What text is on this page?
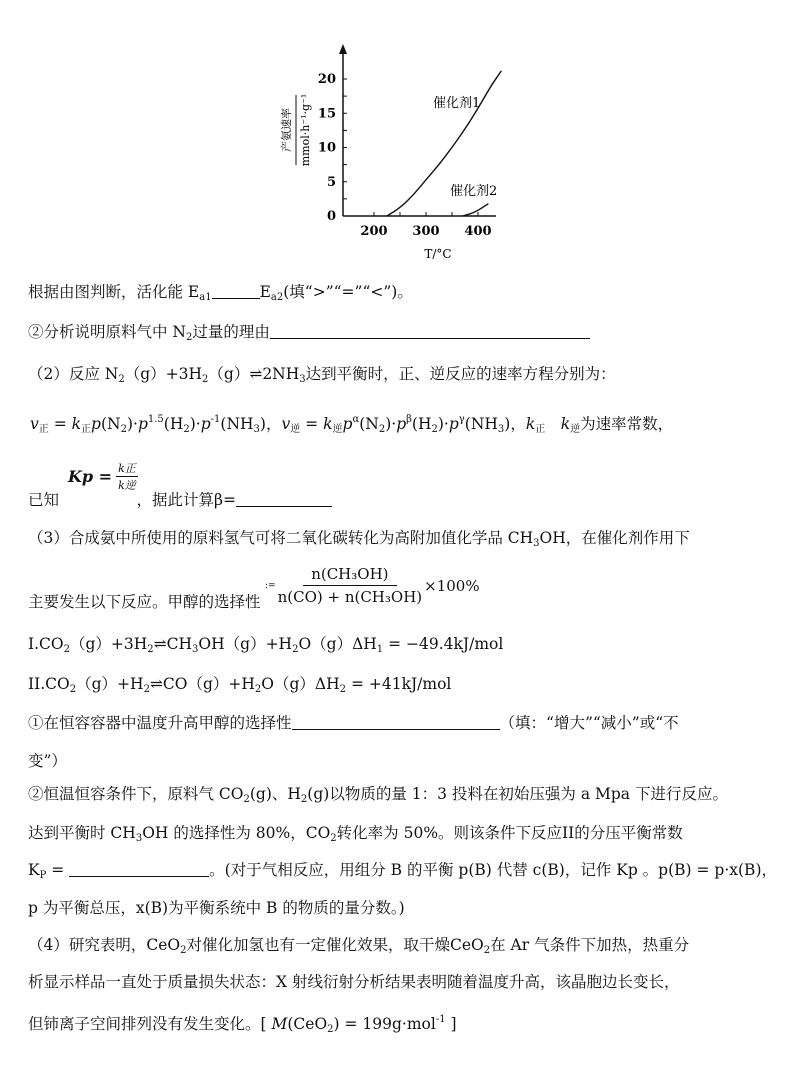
200 300 400
0
5
10
15
20
产氨速率 mmol·h⁻¹·g⁻¹
T/°C
催化剂1
催化剂2
根据由图判断，活化能 $E_{a1}$	$E_{a2}$(填“>”“=”“<”)。
②分析说明原料气中 $N_2$过量的理由
（2）反应 $N_2(g)+3H_2(g)\rightleftharpoons 2NH_3$达到平衡时，正、逆反应的速率方程分别为：
$v_正 = k_正p(N_2)\cdot p^{1.5}(H_2)\cdot p^{-1}(NH_3)$，$v_逆 = k_逆p^\alpha(N_2)\cdot p^\beta(H_2)\cdot p^\gamma(NH_3)$，$k_正$　 $k_逆$为速率常数，
Kp = k正
k逆
已知　　　　　	，据此计算β=
（3）合成氨中所使用的原料氢气可将二氧化碳转化为高附加值化学品 $CH_3OH$，在催化剂作用下
主要发生以下反应。甲醇的选择性
:= $\frac{\text{n(CH₃OH)}}{\text{n(CO) + n(CH₃OH)}} \times 100\%$
$I.CO_2(g)+3H_2\rightleftharpoons CH_3OH(g)+H_2O(g)\Delta H_1 = -49.4kJ/mol$
$II.CO_2(g)+H_2\rightleftharpoons CO(g)+H_2O(g)\Delta H_2 = +41kJ/mol$
①在恒容容器中温度升高甲醇的选择性	（填：“增大”“减小”或“不
变”）
②恒温恒容条件下，原料气 $CO_2(g)$、$H_2(g)$以物质的量 1：3 投料在初始压强为 a Mpa 下进行反应。
达到平衡时 $CH_3OH$ 的选择性为 80%，$CO_2$转化率为 50%。则该条件下反应II的分压平衡常数
$K_P$ =	。(对于气相反应，用组分 B 的平衡 p(B) 代替 c(B)，记作 Kp 。p(B) = p·x(B)，
p 为平衡总压，x(B)为平衡系统中 B 的物质的量分数。)
（4）研究表明，CeO$_2$对催化加氢也有一定催化效果，取干燥CeO$_2$在 Ar 气条件下加热，热重分
析显示样品一直处于质量损失状态：X 射线衍射分析结果表明随着温度升高，该晶胞边长变长，
但铈离子空间排列没有发生变化。[ M(CeO$_2$) = 199g·mol$^{-1}$ ]
